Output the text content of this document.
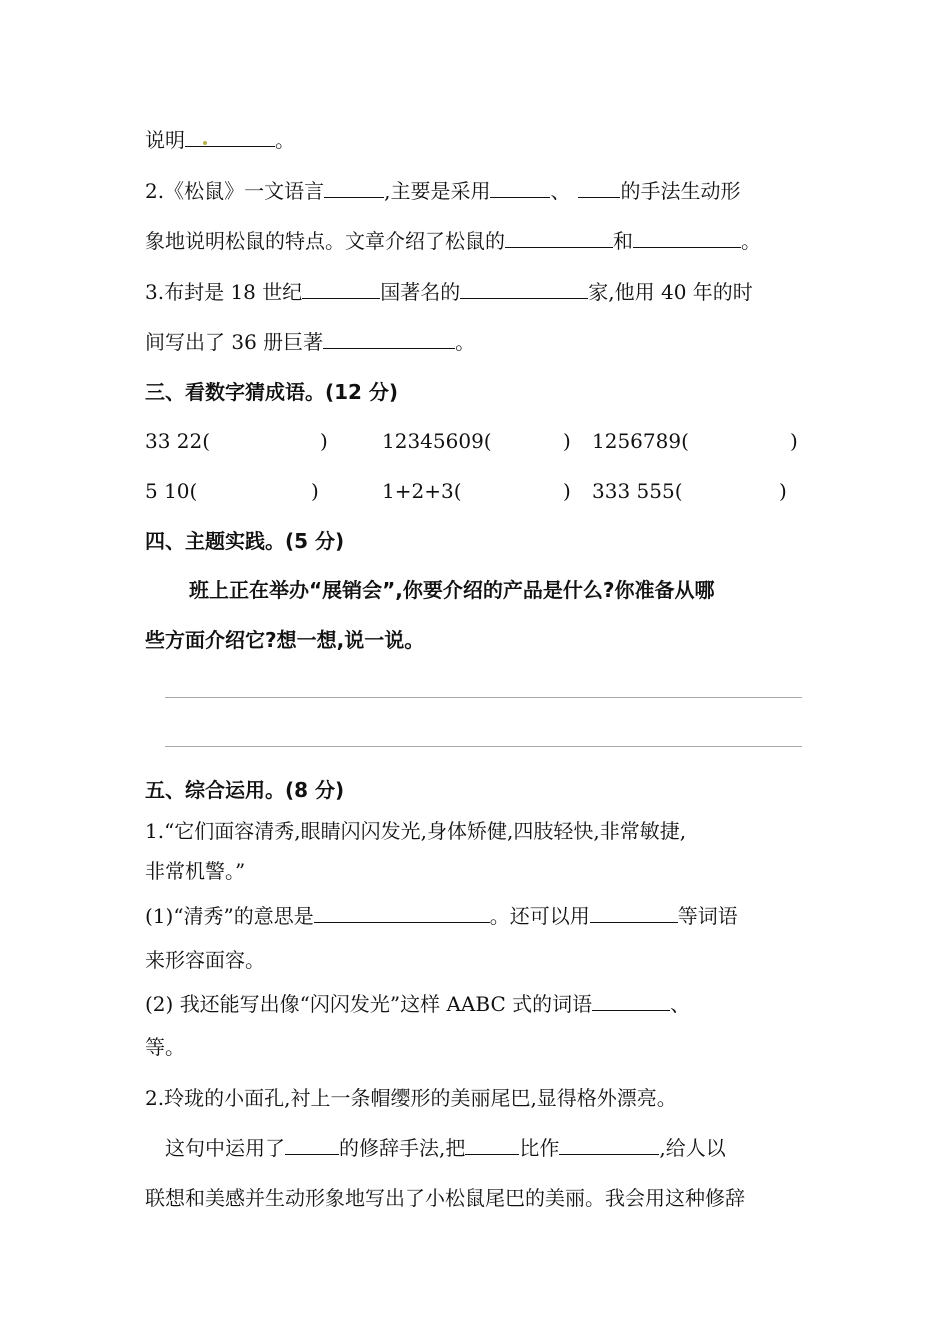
说明	。
2.《松鼠》一文语言	,主要是采用	、	的手法生动形
象地说明松鼠的特点。文章介绍了松鼠的	和	。
3.布封是 18 世纪	国著名的	家,他用 40 年的时
间写出了 36 册巨著	。
三、看数字猜成语。(12 分)
33 22(	)	12345609(	) 1256789(	)
5 10(	)	1+2+3(	) 333 555(	)
四、主题实践。(5 分)
班上正在举办“展销会”,你要介绍的产品是什么?你准备从哪
些方面介绍它?想一想,说一说。
五、综合运用。(8 分)
1.“它们面容清秀,眼睛闪闪发光,身体矫健,四肢轻快,非常敏捷,
非常机警。”
(1)“清秀”的意思是	。还可以用	等词语
来形容面容。
(2) 我还能写出像“闪闪发光”这样 AABC 式的词语	、
等。
2.玲珑的小面孔,衬上一条帽缨形的美丽尾巴,显得格外漂亮。
这句中运用了	的修辞手法,把	比作	,给人以
联想和美感并生动形象地写出了小松鼠尾巴的美丽。我会用这种修辞
